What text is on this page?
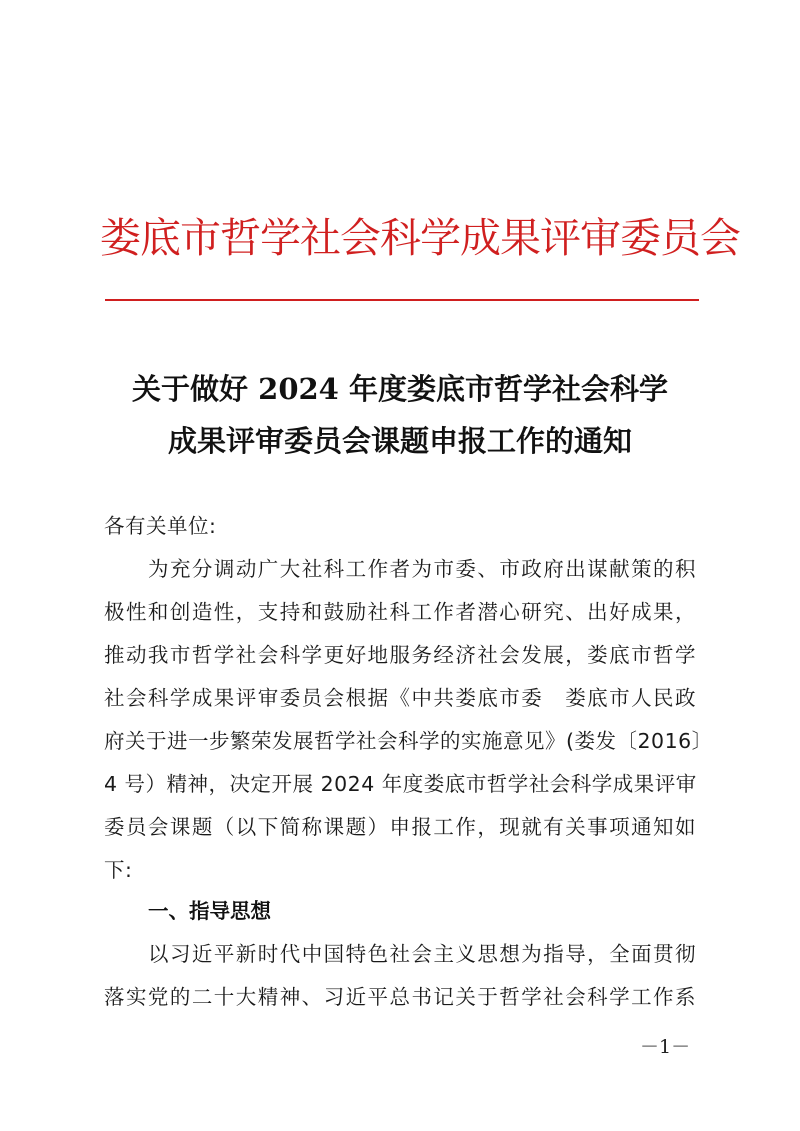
娄底市哲学社会科学成果评审委员会
关于做好 2024 年度娄底市哲学社会科学
成果评审委员会课题申报工作的通知
各有关单位:
为充分调动广大社科工作者为市委、市政府出谋献策的积
极性和创造性，支持和鼓励社科工作者潜心研究、出好成果，
推动我市哲学社会科学更好地服务经济社会发展，娄底市哲学
社会科学成果评审委员会根据《中共娄底市委　娄底市人民政
府关于进一步繁荣发展哲学社会科学的实施意见》(娄发〔2016〕
4 号）精神，决定开展 2024 年度娄底市哲学社会科学成果评审
委员会课题（以下简称课题）申报工作，现就有关事项通知如
下:
一、指导思想
以习近平新时代中国特色社会主义思想为指导，全面贯彻
落实党的二十大精神、习近平总书记关于哲学社会科学工作系
－1－
